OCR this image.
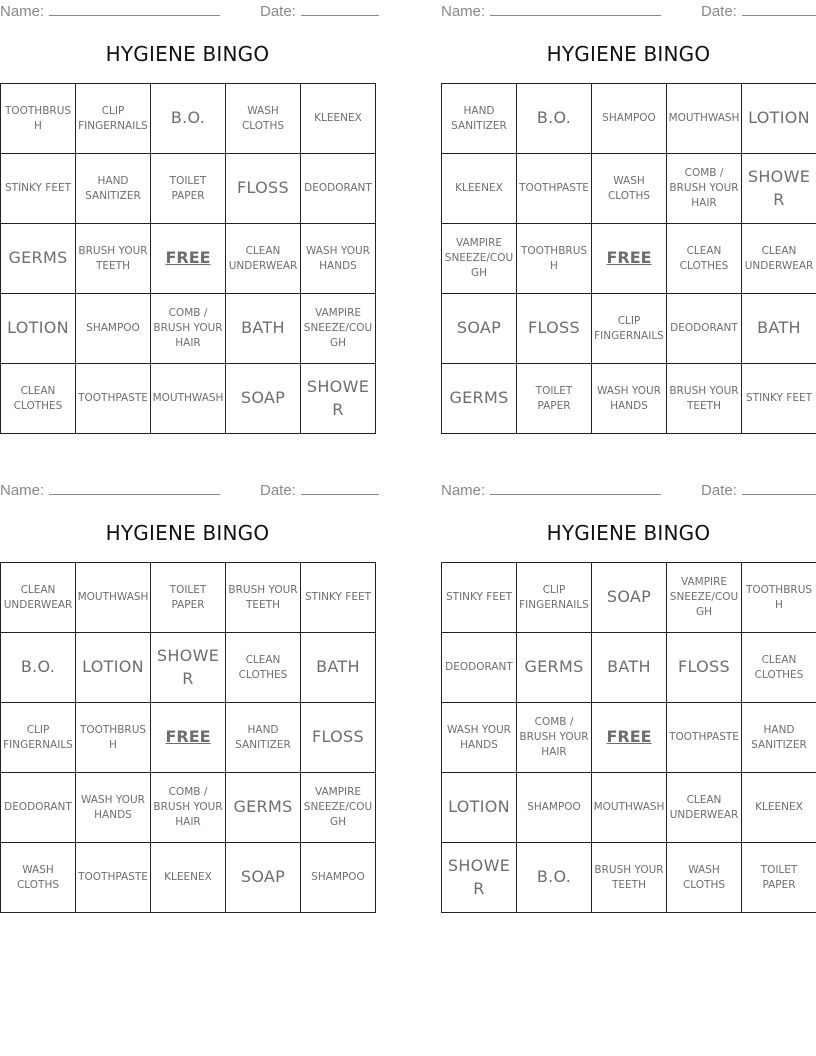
Name:	Date:
HYGIENE BINGO
TOOTHBRUSH	CLIP FINGERNAILS	B.O.	WASH CLOTHS	KLEENEX
STINKY FEET	HAND SANITIZER	TOILET PAPER	FLOSS	DEODORANT
GERMS	BRUSH YOUR TEETH	FREE	CLEAN UNDERWEAR	WASH YOUR HANDS
LOTION	SHAMPOO	COMB / BRUSH YOUR HAIR	BATH	VAMPIRE SNEEZE/COUGH
CLEAN CLOTHES	TOOTHPASTE	MOUTHWASH	SOAP	SHOWER
Name:	Date:
HYGIENE BINGO
HAND SANITIZER	B.O.	SHAMPOO	MOUTHWASH	LOTION
KLEENEX	TOOTHPASTE	WASH CLOTHS	COMB / BRUSH YOUR HAIR	SHOWER
VAMPIRE SNEEZE/COUGH	TOOTHBRUSH	FREE	CLEAN CLOTHES	CLEAN UNDERWEAR
SOAP	FLOSS	CLIP FINGERNAILS	DEODORANT	BATH
GERMS	TOILET PAPER	WASH YOUR HANDS	BRUSH YOUR TEETH	STINKY FEET
Name:	Date:
HYGIENE BINGO
CLEAN UNDERWEAR	MOUTHWASH	TOILET PAPER	BRUSH YOUR TEETH	STINKY FEET
B.O.	LOTION	SHOWER	CLEAN CLOTHES	BATH
CLIP FINGERNAILS	TOOTHBRUSH	FREE	HAND SANITIZER	FLOSS
DEODORANT	WASH YOUR HANDS	COMB / BRUSH YOUR HAIR	GERMS	VAMPIRE SNEEZE/COUGH
WASH CLOTHS	TOOTHPASTE	KLEENEX	SOAP	SHAMPOO
Name:	Date:
HYGIENE BINGO
STINKY FEET	CLIP FINGERNAILS	SOAP	VAMPIRE SNEEZE/COUGH	TOOTHBRUSH
DEODORANT	GERMS	BATH	FLOSS	CLEAN CLOTHES
WASH YOUR HANDS	COMB / BRUSH YOUR HAIR	FREE	TOOTHPASTE	HAND SANITIZER
LOTION	SHAMPOO	MOUTHWASH	CLEAN UNDERWEAR	KLEENEX
SHOWER	B.O.	BRUSH YOUR TEETH	WASH CLOTHS	TOILET PAPER
